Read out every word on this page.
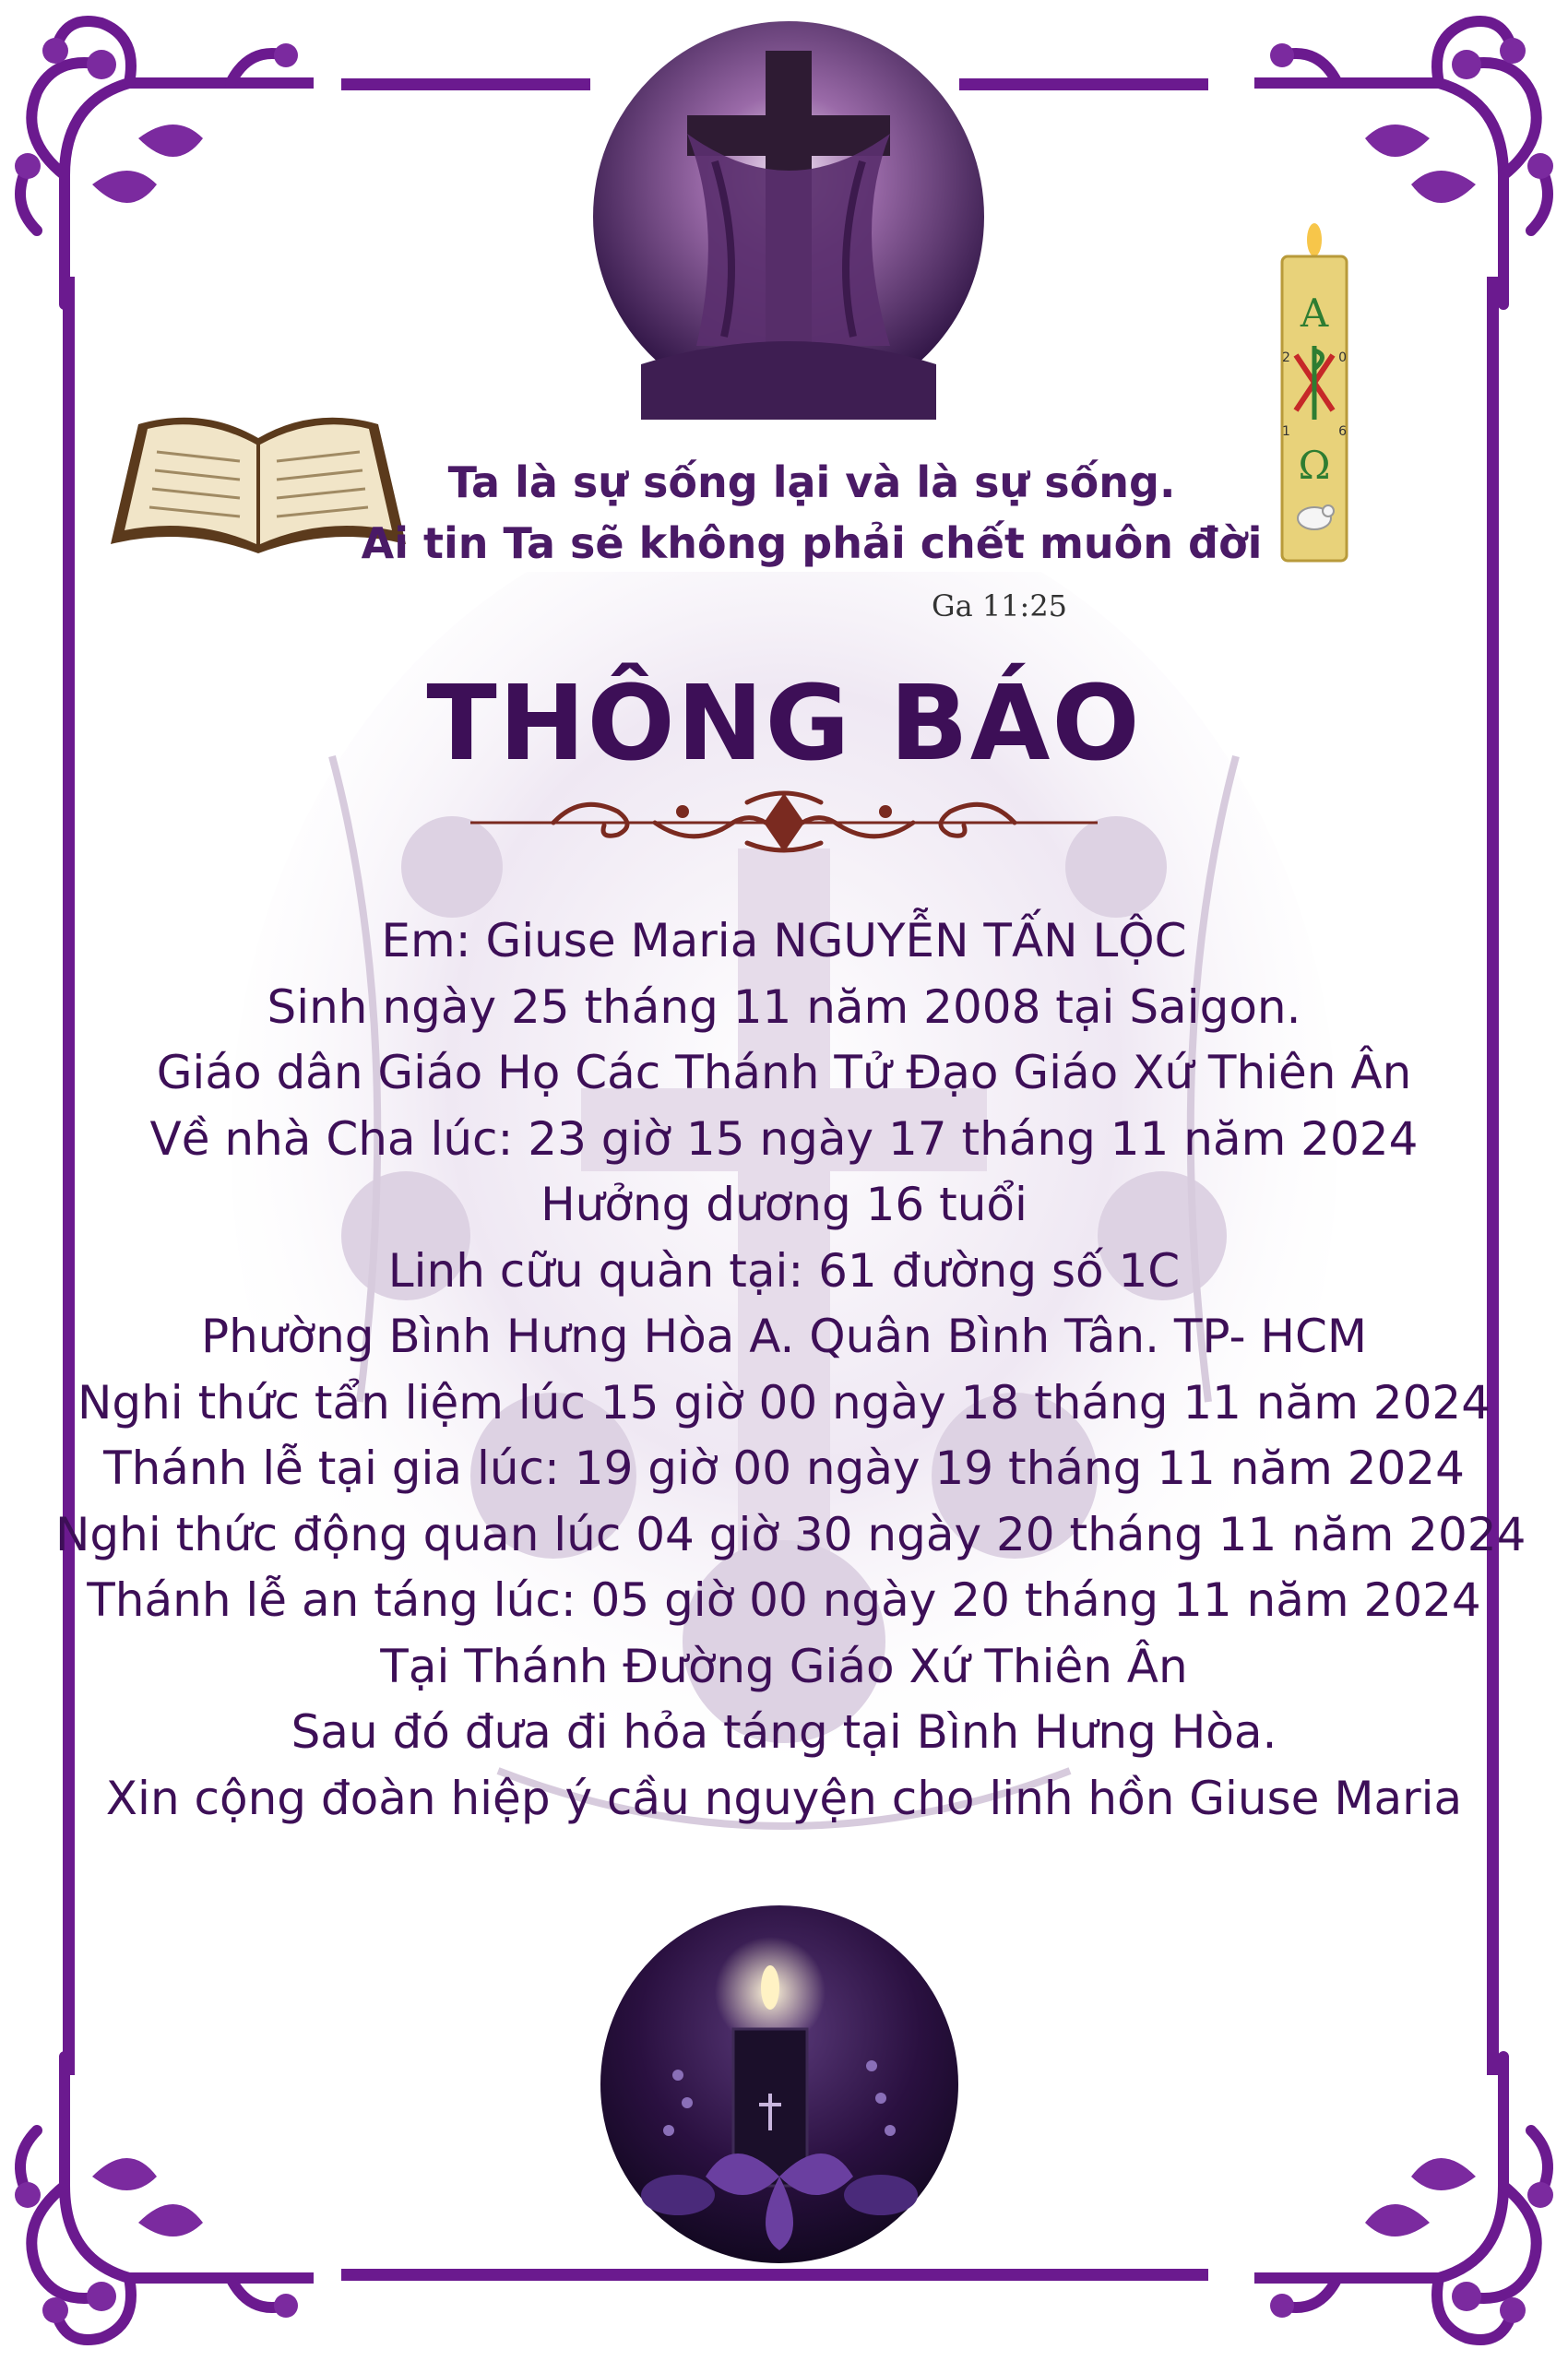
A
2	0
1	6
Ω
Ta là sự sống lại và là sự sống.
Ai tin Ta sẽ không phải chết muôn đời
Ga 11:25
THÔNG BÁO
Em: Giuse Maria NGUYỄN TẤN LỘC
Sinh ngày 25 tháng 11 năm 2008 tại Saigon.
Giáo dân Giáo Họ Các Thánh Tử Đạo Giáo Xứ Thiên Ân
Về nhà Cha lúc: 23 giờ 15 ngày 17 tháng 11 năm 2024
Hưởng dương 16 tuổi
Linh cữu quàn tại: 61 đường số 1C
Phường Bình Hưng Hòa A. Quân Bình Tân. TP- HCM
Nghi thức tẩn liệm lúc 15 giờ 00 ngày 18 tháng 11 năm 2024
Thánh lễ tại gia lúc: 19 giờ 00 ngày 19 tháng 11 năm 2024
Nghi thức động quan lúc 04 giờ 30 ngày 20 tháng 11 năm 2024
Thánh lễ an táng lúc: 05 giờ 00 ngày 20 tháng 11 năm 2024
Tại Thánh Đường Giáo Xứ Thiên Ân
Sau đó đưa đi hỏa táng tại Bình Hưng Hòa.
Xin cộng đoàn hiệp ý cầu nguyện cho linh hồn Giuse Maria
